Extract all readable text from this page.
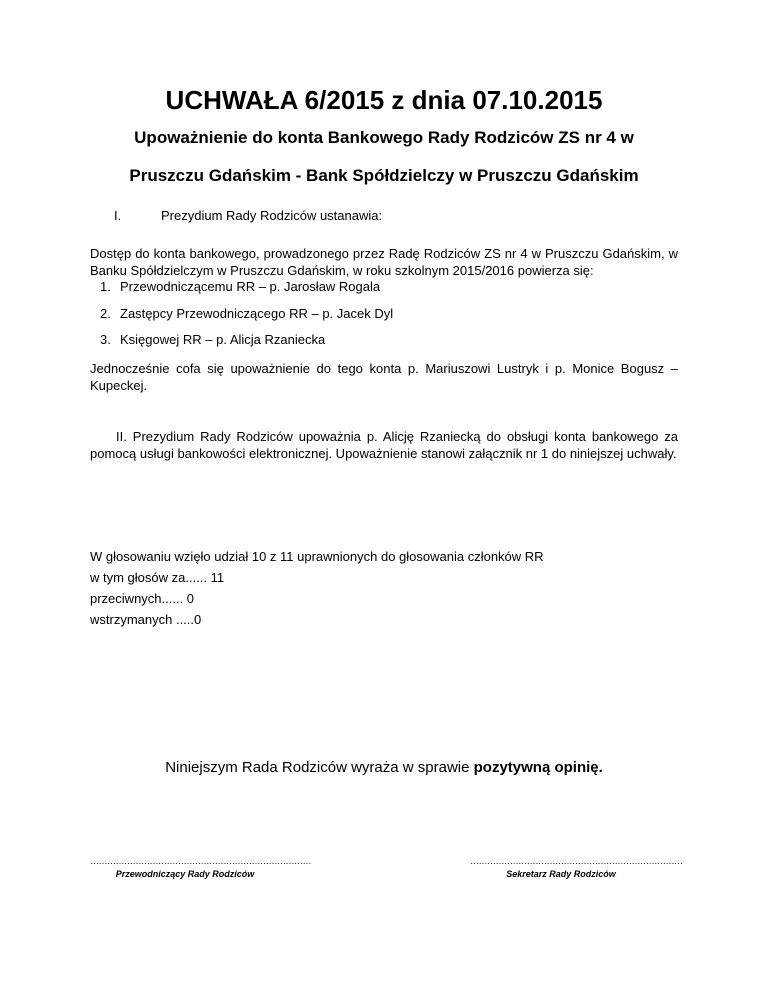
UCHWAŁA 6/2015 z dnia 07.10.2015
Upoważnienie do konta Bankowego Rady Rodziców ZS nr 4 w
Pruszczu Gdańskim - Bank Spółdzielczy w Pruszczu Gdańskim
I.	Prezydium Rady Rodziców ustanawia:
Dostęp do konta bankowego, prowadzonego przez Radę Rodziców ZS nr 4 w Pruszczu Gdańskim, w Banku Spółdzielczym w Pruszczu Gdańskim, w roku szkolnym 2015/2016 powierza się:
1. Przewodniczącemu RR – p. Jarosław Rogala
2. Zastępcy Przewodniczącego RR – p. Jacek Dyl
3. Księgowej RR – p. Alicja Rzaniecka
Jednocześnie cofa się upoważnienie do tego konta p. Mariuszowi Lustryk i p. Monice Bogusz – Kupeckej.
II. Prezydium Rady Rodziców upoważnia p. Alicję Rzaniecką do obsługi konta bankowego za pomocą usługi bankowości elektronicznej. Upoważnienie stanowi załącznik nr 1 do niniejszej uchwały.
W głosowaniu wzięło udział 10 z 11 uprawnionych do głosowania członków RR
w tym głosów za...... 11
przeciwnych...... 0
wstrzymanych .....0
Niniejszym Rada Rodziców wyraża w sprawie pozytywną opinię.
……………………………………………………………………
Przewodniczący Rady Rodziców
…………………………………………………………………
Sekretarz Rady Rodziców
